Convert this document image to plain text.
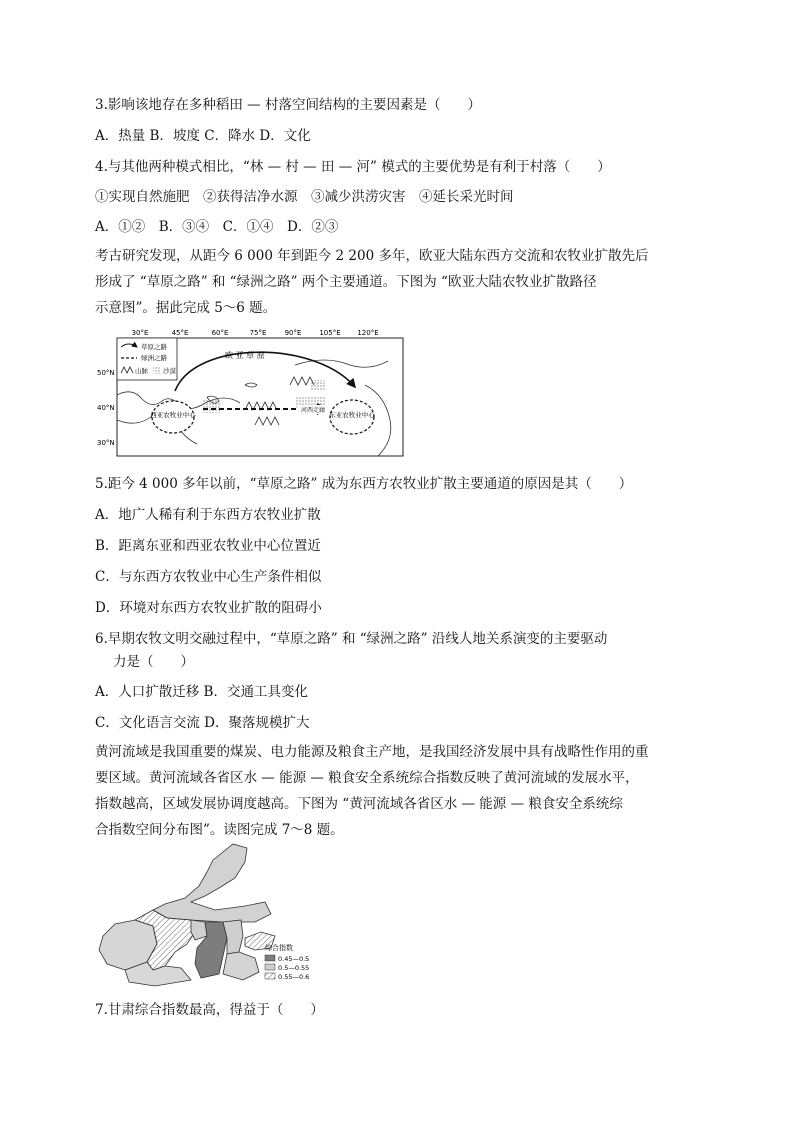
3.影响该地存在多种稻田 — 村落空间结构的主要因素是（　　）
A．热量 B．坡度 C．降水 D．文化
4.与其他两种模式相比，“林 — 村 — 田 — 河” 模式的主要优势是有利于村落（　　）
①实现自然施肥　②获得洁净水源　③减少洪涝灾害　④延长采光时间
A．①②　B．③④　C．①④　D．②③
考古研究发现，从距今 6 000 年到距今 2 200 多年，欧亚大陆东西方交流和农牧业扩散先后
形成了 “草原之路” 和 “绿洲之路” 两个主要通道。下图为 “欧亚大陆农牧业扩散路径
示意图”。据此完成 5～6 题。
30°E	45°E	60°E	75°E	90°E	105°E 120°E
50°N
40°N
30°N
草原之路
绿洲之路
山脉 沙漠
欧 亚 草 原
西亚农牧业中心	东亚农牧业中心
河西走廊
5.距今 4 000 多年以前，“草原之路” 成为东西方农牧业扩散主要通道的原因是其（　　）
A．地广人稀有利于东西方农牧业扩散
B．距离东亚和西亚农牧业中心位置近
C．与东西方农牧业中心生产条件相似
D．环境对东西方农牧业扩散的阻碍小
6.早期农牧文明交融过程中，“草原之路” 和 “绿洲之路” 沿线人地关系演变的主要驱动
力是（　　）
A．人口扩散迁移 B．交通工具变化
C．文化语言交流 D．聚落规模扩大
黄河流域是我国重要的煤炭、电力能源及粮食主产地，是我国经济发展中具有战略性作用的重
要区域。黄河流域各省区水 — 能源 — 粮食安全系统综合指数反映了黄河流域的发展水平，
指数越高，区域发展协调度越高。下图为 “黄河流域各省区水 — 能源 — 粮食安全系统综
合指数空间分布图”。读图完成 7～8 题。
综合指数
0.45—0.5
0.5—0.55
0.55—0.6
7.甘肃综合指数最高，得益于（　　）
